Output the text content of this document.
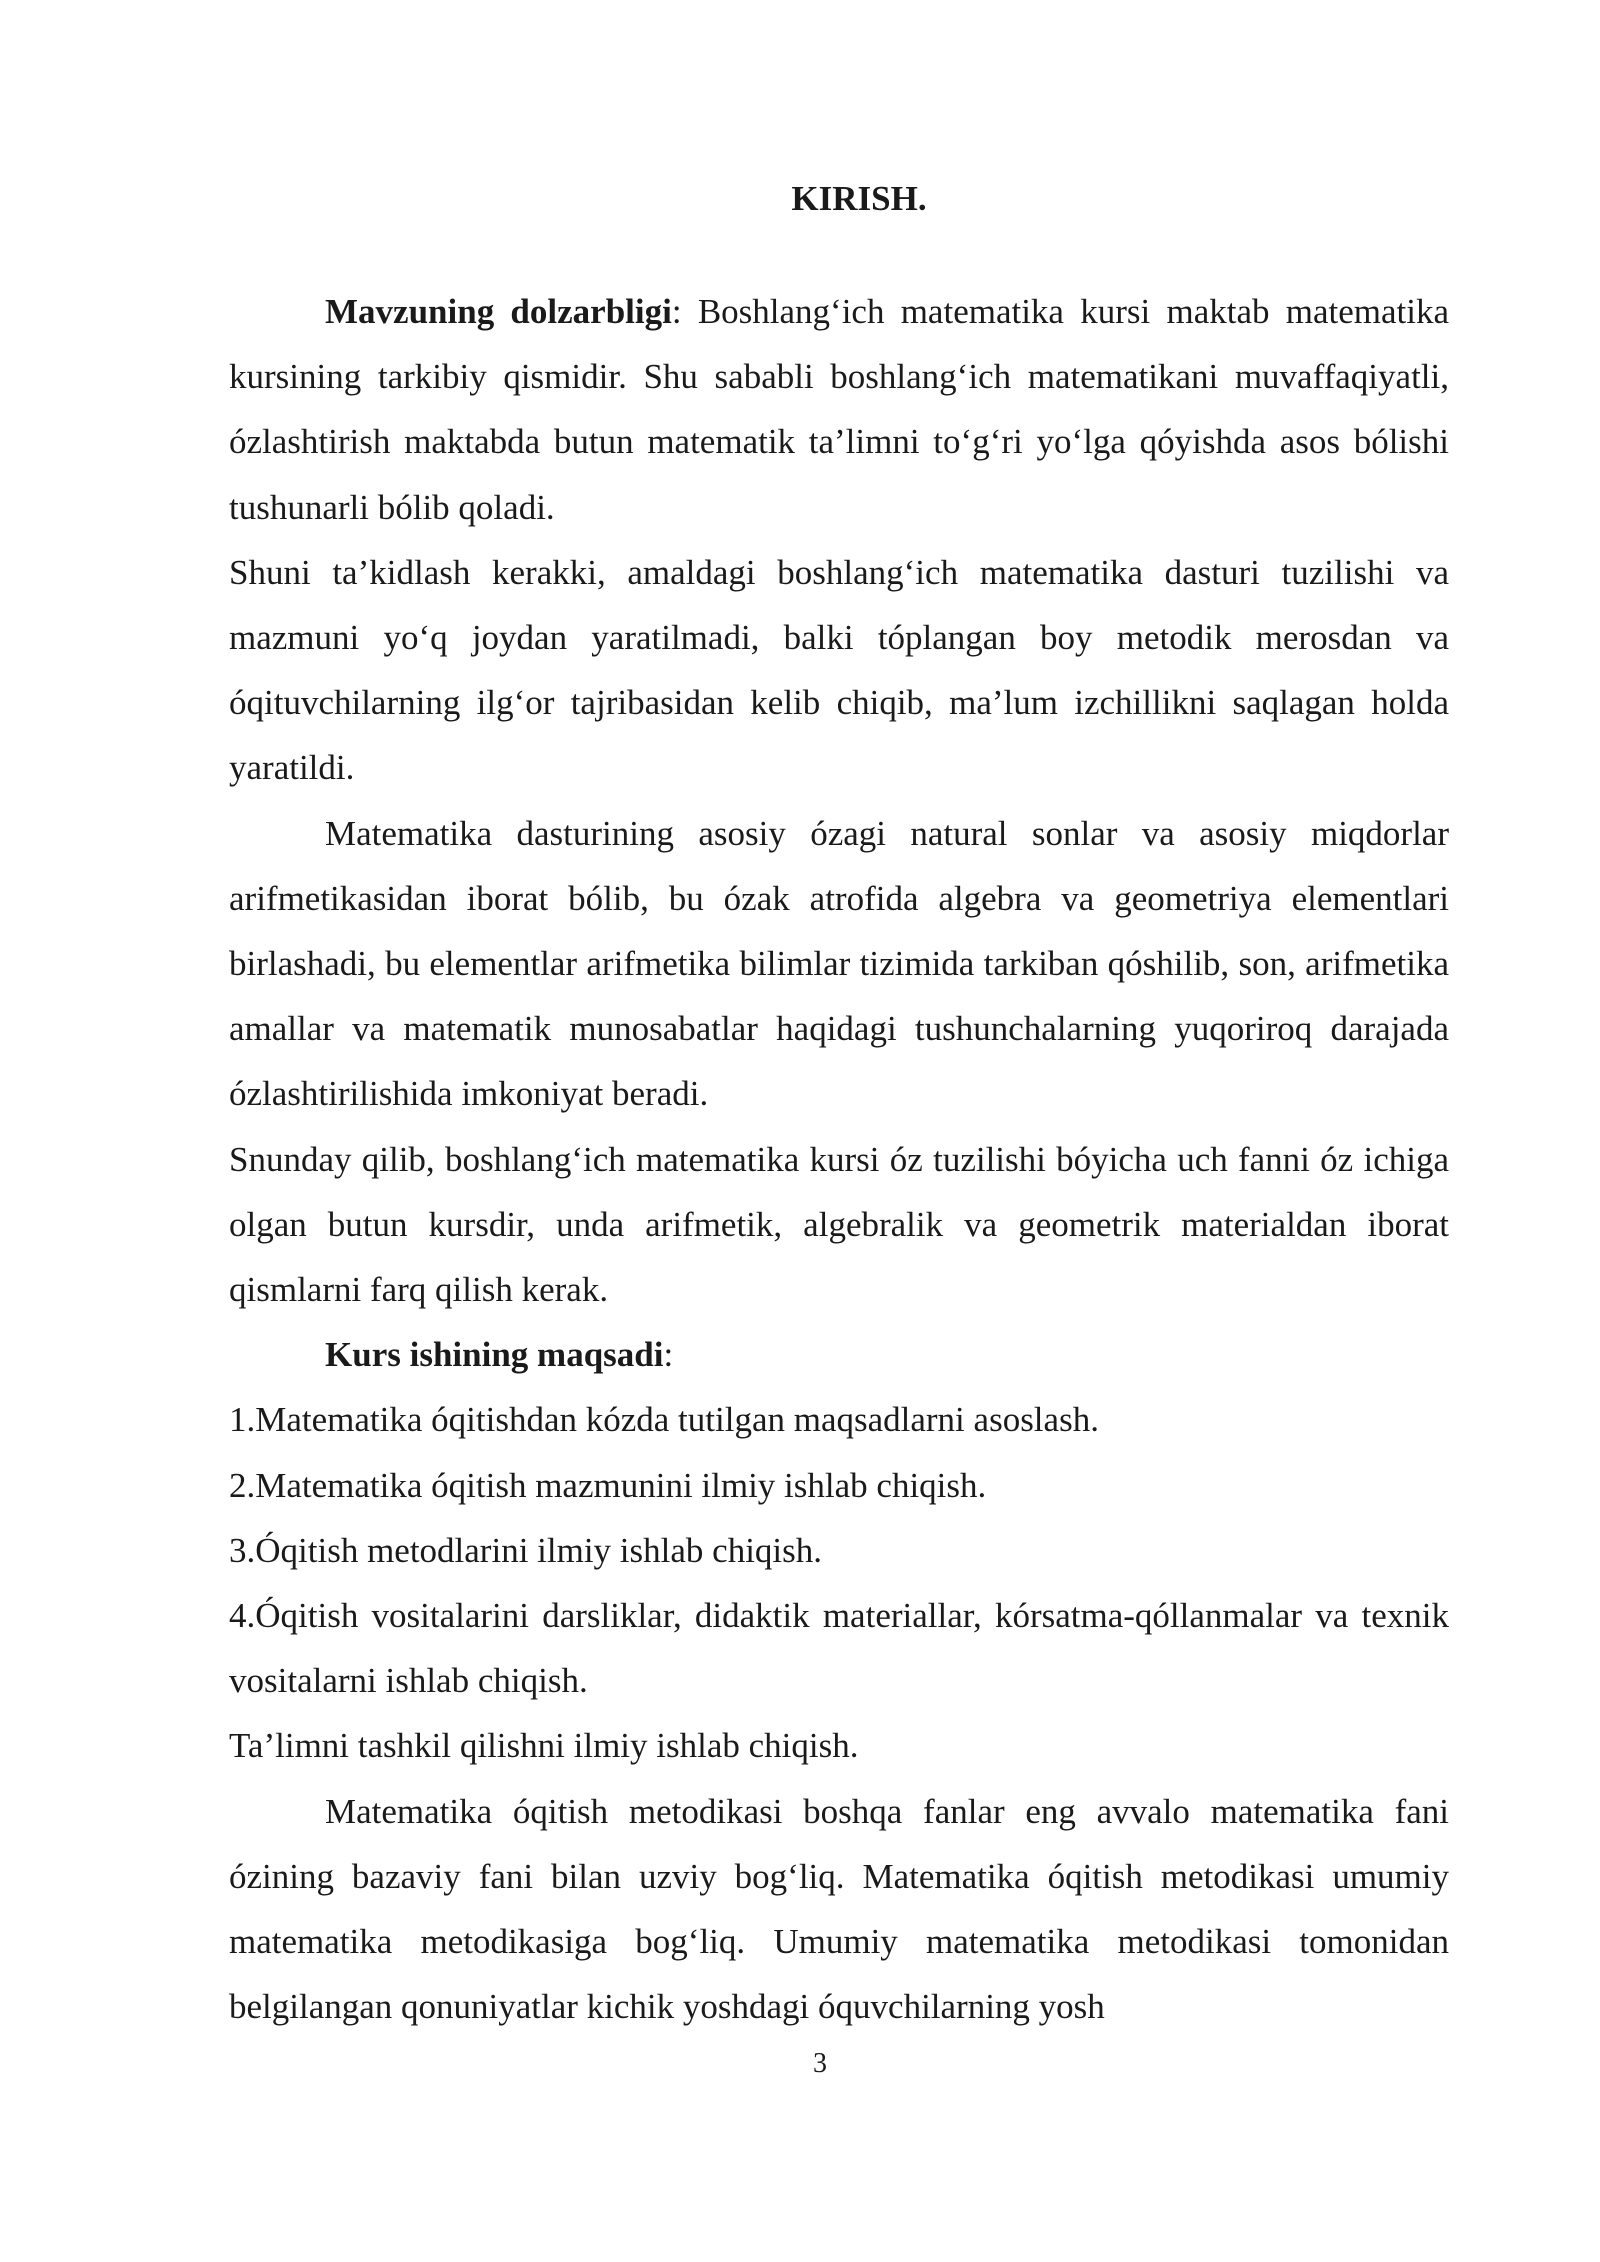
KIRISH.

Mavzuning dolzarbligi: Boshlang‘ich matematika kursi maktab matematika kursining tarkibiy qismidir. Shu sababli boshlang‘ich matematikani muvaffaqiyatli, ózlashtirish maktabda butun matematik ta’limni to‘g‘ri yo‘lga qóyishda asos bólishi tushunarli bólib qoladi.

Shuni ta’kidlash kerakki, amaldagi boshlang‘ich matematika dasturi tuzilishi va mazmuni yo‘q joydan yaratilmadi, balki tóplangan boy metodik merosdan va óqituvchilarning ilg‘or tajribasidan kelib chiqib, ma’lum izchillikni saqlagan holda yaratildi.

Matematika dasturining asosiy ózagi natural sonlar va asosiy miqdorlar arifmetikasidan iborat bólib, bu ózak atrofida algebra va geometriya elementlari birlashadi, bu elementlar arifmetika bilimlar tizimida tarkiban qóshilib, son, arifmetika amallar va matematik munosabatlar haqidagi tushunchalarning yuqoriroq darajada ózlashtirilishida imkoniyat beradi.

Snunday qilib, boshlang‘ich matematika kursi óz tuzilishi bóyicha uch fanni óz ichiga olgan butun kursdir, unda arifmetik, algebralik va geometrik materialdan iborat qismlarni farq qilish kerak.

Kurs ishining maqsadi:

1.Matematika óqitishdan kózda tutilgan maqsadlarni asoslash.

2.Matematika óqitish mazmunini ilmiy ishlab chiqish.

3.Óqitish metodlarini ilmiy ishlab chiqish.

4.Óqitish vositalarini darsliklar, didaktik materiallar, kórsatma-qóllanmalar va texnik vositalarni ishlab chiqish.

Ta’limni tashkil qilishni ilmiy ishlab chiqish.

Matematika óqitish metodikasi boshqa fanlar eng avvalo matematika fani ózining bazaviy fani bilan uzviy bog‘liq. Matematika óqitish metodikasi umumiy matematika metodikasiga bog‘liq. Umumiy matematika metodikasi tomonidan belgilangan qonuniyatlar kichik yoshdagi óquvchilarning yosh

3
